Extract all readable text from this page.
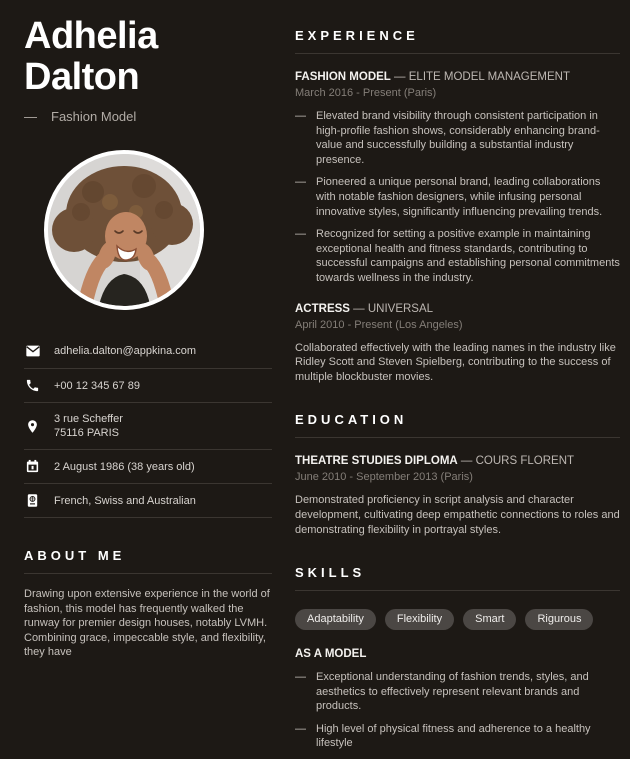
Adhelia
Dalton
— Fashion Model
adhelia.dalton@appkina.com
+00 12 345 67 89
3 rue Scheffer
75116 PARIS
2 August 1986 (38 years old)
French, Swiss and Australian
ABOUT ME

Drawing upon extensive experience in the world of fashion, this model has frequently walked the runway for premier design houses, notably LVMH. Combining grace, impeccable style, and flexibility, they have

EXPERIENCE
FASHION MODEL — ELITE MODEL MANAGEMENT
March 2016 - Present (Paris)
— Elevated brand visibility through consistent participation in high-profile fashion shows, considerably enhancing brand-value and successfully building a substantial industry presence.

— Pioneered a unique personal brand, leading collaborations with notable fashion designers, while infusing personal innovative styles, significantly influencing prevailing trends.

— Recognized for setting a positive example in maintaining exceptional health and fitness standards, contributing to successful campaigns and establishing personal commitments towards wellness in the industry.

ACTRESS — UNIVERSAL
April 2010 - Present (Los Angeles)

Collaborated effectively with the leading names in the industry like Ridley Scott and Steven Spielberg, contributing to the success of multiple blockbuster movies.

EDUCATION
THEATRE STUDIES DIPLOMA — COURS FLORENT
June 2010 - September 2013 (Paris)

Demonstrated proficiency in script analysis and character development, cultivating deep empathetic connections to roles and demonstrating flexibility in portrayal styles.

SKILLS
Adaptability	Flexibility	Smart	Rigurous
AS A MODEL
— Exceptional understanding of fashion trends, styles, and aesthetics to effectively represent relevant brands and products.

— High level of physical fitness and adherence to a healthy lifestyle
